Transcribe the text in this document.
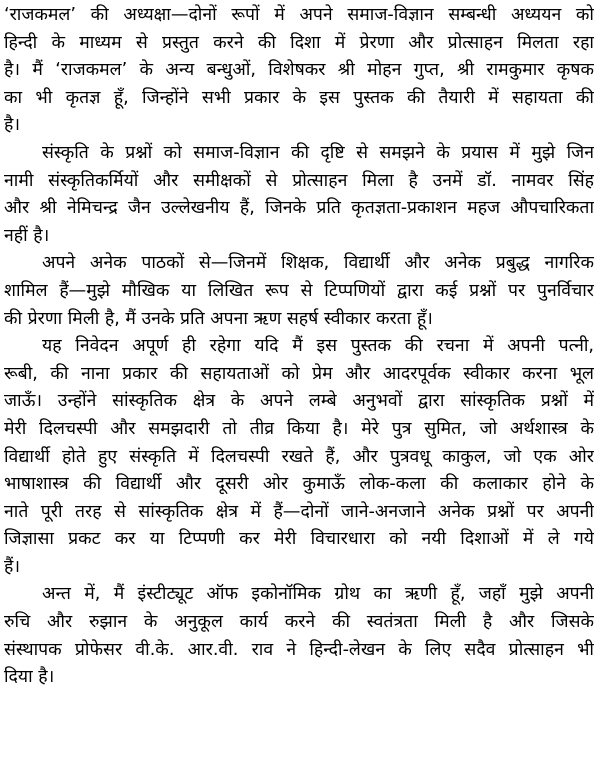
‘राजकमल’ की अध्यक्षा—दोनों रूपों में अपने समाज-विज्ञान सम्बन्धी अध्ययन को
हिन्दी के माध्यम से प्रस्तुत करने की दिशा में प्रेरणा और प्रोत्साहन मिलता रहा
है। मैं ‘राजकमल’ के अन्य बन्धुओं, विशेषकर श्री मोहन गुप्त, श्री रामकुमार कृषक
का भी कृतज्ञ हूँ, जिन्होंने सभी प्रकार के इस पुस्तक की तैयारी में सहायता की
है।
संस्कृति के प्रश्नों को समाज-विज्ञान की दृष्टि से समझने के प्रयास में मुझे जिन
नामी संस्कृतिकर्मियों और समीक्षकों से प्रोत्साहन मिला है उनमें डॉ. नामवर सिंह
और श्री नेमिचन्द्र जैन उल्लेखनीय हैं, जिनके प्रति कृतज्ञता-प्रकाशन महज औपचारिकता
नहीं है।
अपने अनेक पाठकों से—जिनमें शिक्षक, विद्यार्थी और अनेक प्रबुद्ध नागरिक
शामिल हैं—मुझे मौखिक या लिखित रूप से टिप्पणियों द्वारा कई प्रश्नों पर पुनर्विचार
की प्रेरणा मिली है, मैं उनके प्रति अपना ऋण सहर्ष स्वीकार करता हूँ।
यह निवेदन अपूर्ण ही रहेगा यदि मैं इस पुस्तक की रचना में अपनी पत्नी,
रूबी, की नाना प्रकार की सहायताओं को प्रेम और आदरपूर्वक स्वीकार करना भूल
जाऊँ। उन्होंने सांस्कृतिक क्षेत्र के अपने लम्बे अनुभवों द्वारा सांस्कृतिक प्रश्नों में
मेरी दिलचस्पी और समझदारी तो तीव्र किया है। मेरे पुत्र सुमित, जो अर्थशास्त्र के
विद्यार्थी होते हुए संस्कृति में दिलचस्पी रखते हैं, और पुत्रवधू काकुल, जो एक ओर
भाषाशास्त्र की विद्यार्थी और दूसरी ओर कुमाऊँ लोक-कला की कलाकार होने के
नाते पूरी तरह से सांस्कृतिक क्षेत्र में हैं—दोनों जाने-अनजाने अनेक प्रश्नों पर अपनी
जिज्ञासा प्रकट कर या टिप्पणी कर मेरी विचारधारा को नयी दिशाओं में ले गये
हैं।
अन्त में, मैं इंस्टीट्यूट ऑफ इकोनॉमिक ग्रोथ का ऋणी हूँ, जहाँ मुझे अपनी
रुचि और रुझान के अनुकूल कार्य करने की स्वतंत्रता मिली है और जिसके
संस्थापक प्रोफेसर वी.के. आर.वी. राव ने हिन्दी-लेखन के लिए सदैव प्रोत्साहन भी
दिया है।
